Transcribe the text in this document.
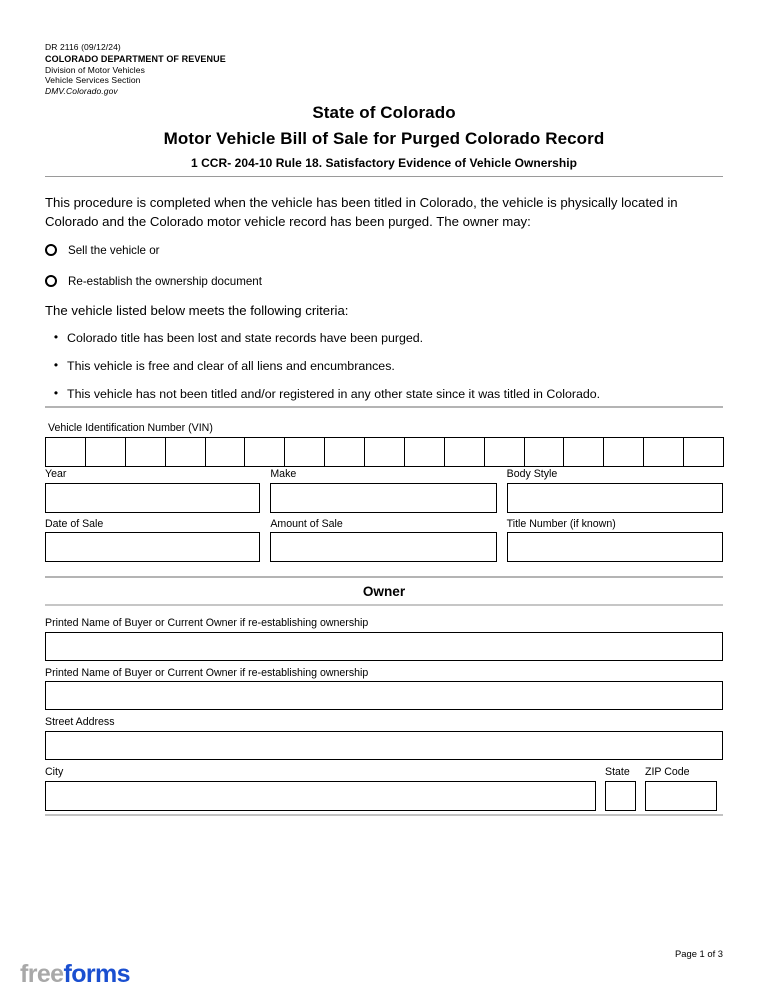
DR 2116 (09/12/24)
COLORADO DEPARTMENT OF REVENUE
Division of Motor Vehicles
Vehicle Services Section
DMV.Colorado.gov
State of Colorado
Motor Vehicle Bill of Sale for Purged Colorado Record
1 CCR- 204-10 Rule 18. Satisfactory Evidence of Vehicle Ownership
This procedure is completed when the vehicle has been titled in Colorado, the vehicle is physically located in Colorado and the Colorado motor vehicle record has been purged. The owner may:
Sell the vehicle or
Re-establish the ownership document
The vehicle listed below meets the following criteria:
• Colorado title has been lost and state records have been purged.
• This vehicle is free and clear of all liens and encumbrances.
• This vehicle has not been titled and/or registered in any other state since it was titled in Colorado.
Vehicle Identification Number (VIN)
Year	Make	Body Style
Date of Sale	Amount of Sale	Title Number (if known)
Owner
Printed Name of Buyer or Current Owner if re-establishing ownership
Printed Name of Buyer or Current Owner if re-establishing ownership
Street Address
City	State	ZIP Code
Page 1 of 3
freeforms
